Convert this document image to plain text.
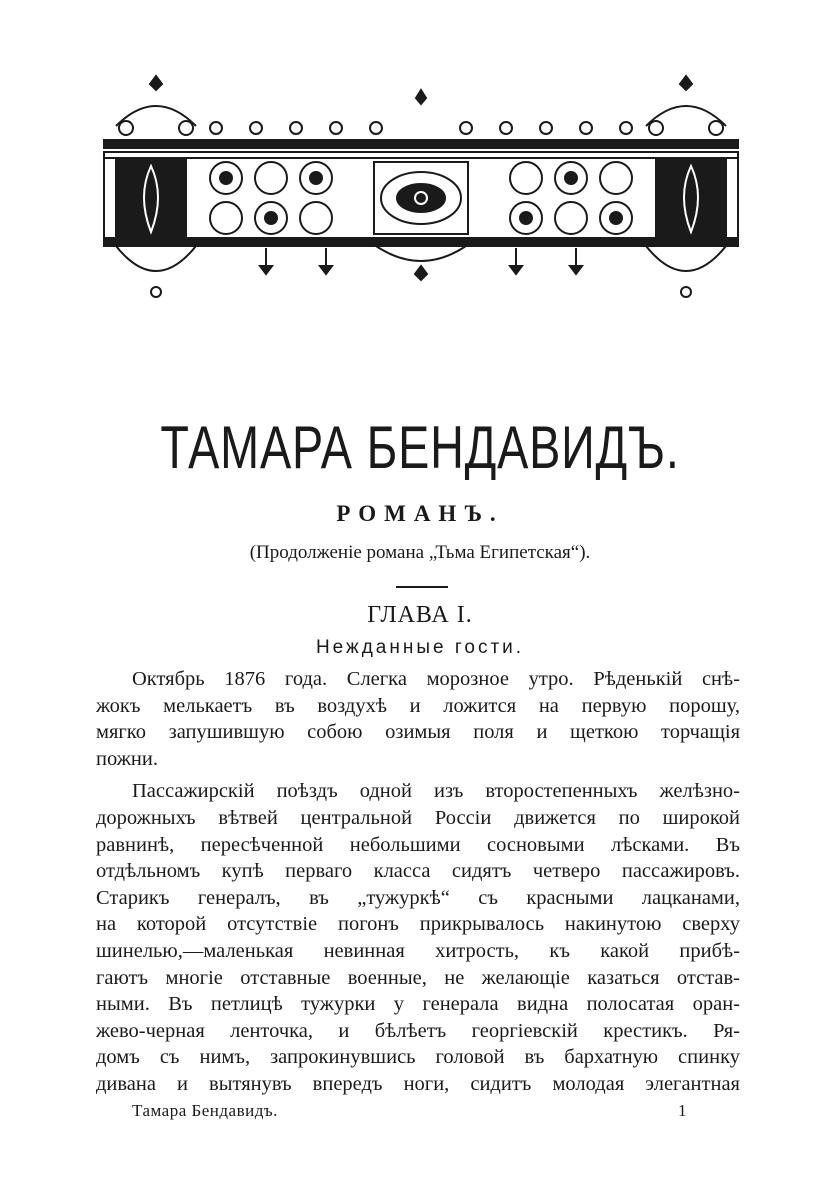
ТАМАРА БЕНДАВИДЪ.
РОМАНЪ.
(Продолженіе романа „Тьма Египетская“).
ГЛАВА I.
Нежданные гости.
Октябрь 1876 года. Слегка морозное утро. Рѣденькій снѣ-
жокъ мелькаетъ въ воздухѣ и ложится на первую порошу,
мягко запушившую собою озимыя поля и щеткою торчащія
пожни.
Пассажирскій поѣздъ одной изъ второстепенныхъ желѣзно-
дорожныхъ вѣтвей центральной Россіи движется по широкой
равнинѣ, пересѣченной небольшими сосновыми лѣсками. Въ
отдѣльномъ купѣ перваго класса сидятъ четверо пассажировъ.
Старикъ генералъ, въ „тужуркѣ“ съ красными лацканами,
на которой отсутствіе погонъ прикрывалось накинутою сверху
шинелью,—маленькая невинная хитрость, къ какой прибѣ-
гаютъ многіе отставные военные, не желающіе казаться отстав-
ными. Въ петлицѣ тужурки у генерала видна полосатая оран-
жево-черная ленточка, и бѣлѣетъ георгіевскій крестикъ. Ря-
домъ съ нимъ, запрокинувшись головой въ бархатную спинку
дивана и вытянувъ впередъ ноги, сидитъ молодая элегантная
Тамара Бендавидъ.	1
